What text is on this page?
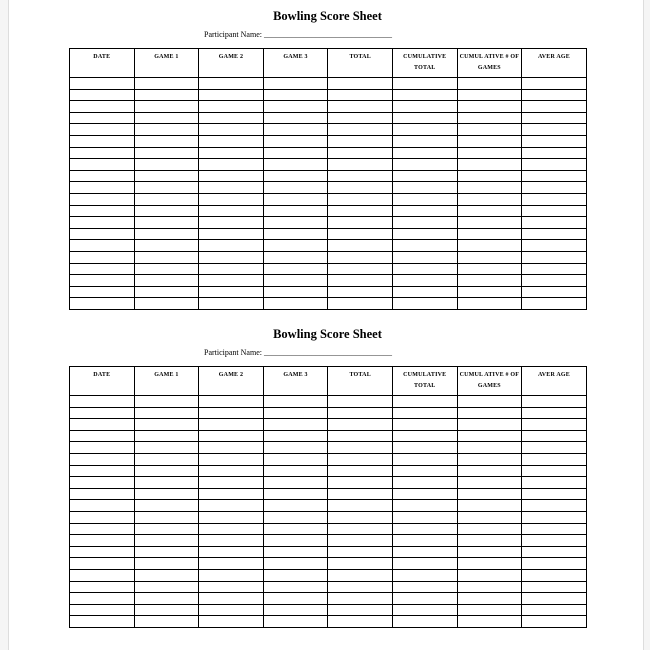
Bowling Score Sheet
Participant Name: ________________________________
DATE	GAME 1	GAME 2	GAME 3	TOTAL	CUMULATIVE TOTAL	CUMUL ATIVE # OF GAMES	AVER AGE

Bowling Score Sheet
Participant Name: ________________________________
DATE	GAME 1	GAME 2	GAME 3	TOTAL	CUMULATIVE TOTAL	CUMUL ATIVE # OF GAMES	AVER AGE
